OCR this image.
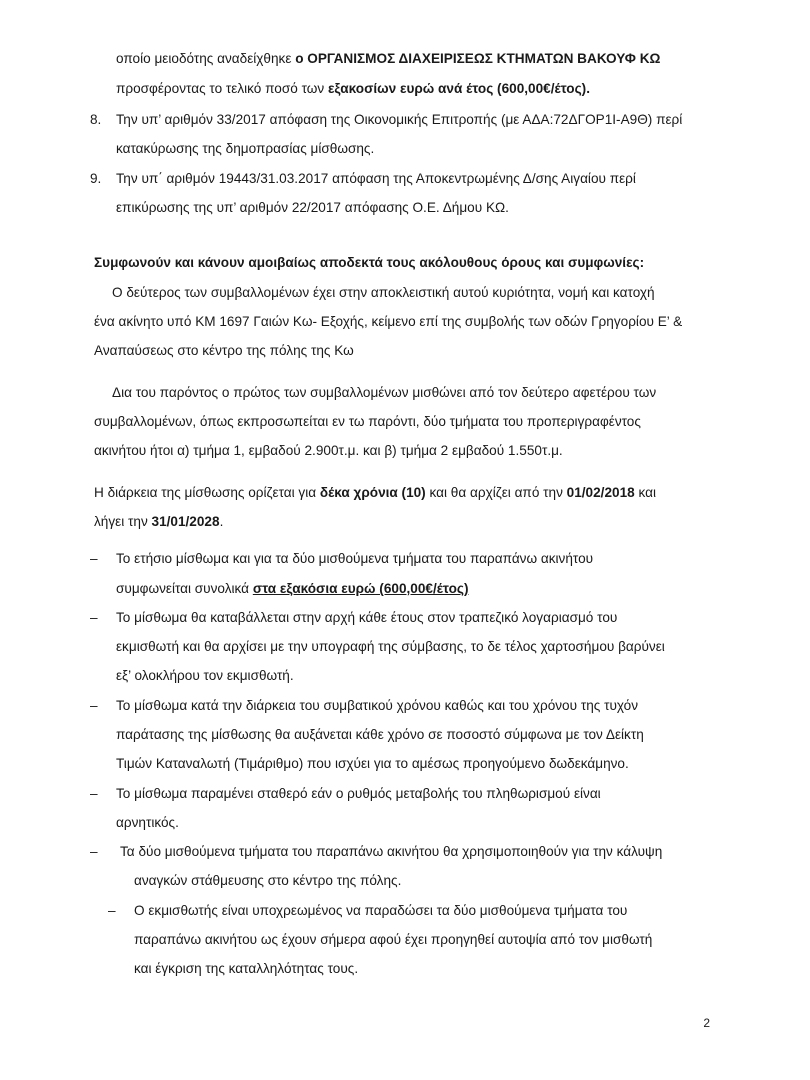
οποίο μειοδότης αναδείχθηκε ο ΟΡΓΑΝΙΣΜΟΣ ΔΙΑΧΕΙΡΙΣΕΩΣ ΚΤΗΜΑΤΩΝ ΒΑΚΟΥΦ ΚΩ
προσφέροντας το τελικό ποσό των εξακοσίων ευρώ ανά έτος (600,00€/έτος).
8. Την υπ’ αριθμόν 33/2017 απόφαση της Οικονομικής Επιτροπής (με ΑΔΑ:72ΔΓΟΡ1Ι-Α9Θ) περί
κατακύρωσης της δημοπρασίας μίσθωσης.
9. Την υπ΄ αριθμόν 19443/31.03.2017 απόφαση της Αποκεντρωμένης Δ/σης Αιγαίου περί
επικύρωσης της υπ’ αριθμόν 22/2017 απόφασης Ο.Ε. Δήμου ΚΩ.
Συμφωνούν και κάνουν αμοιβαίως αποδεκτά τους ακόλουθους όρους και συμφωνίες:
Ο δεύτερος των συμβαλλομένων έχει στην αποκλειστική αυτού κυριότητα, νομή και κατοχή
ένα ακίνητο υπό ΚΜ 1697 Γαιών Κω- Εξοχής, κείμενο επί της συμβολής των οδών Γρηγορίου Ε’ &
Αναπαύσεως στο κέντρο της πόλης της Κω
Δια του παρόντος ο πρώτος των συμβαλλομένων μισθώνει από τον δεύτερο αφετέρου των
συμβαλλομένων, όπως εκπροσωπείται εν τω παρόντι, δύο τμήματα του προπεριγραφέντος
ακινήτου ήτοι α) τμήμα 1, εμβαδού 2.900τ.μ. και β) τμήμα 2 εμβαδού 1.550τ.μ.
Η διάρκεια της μίσθωσης ορίζεται για δέκα χρόνια (10) και θα αρχίζει από την 01/02/2018 και
λήγει την 31/01/2028.
– Το ετήσιο μίσθωμα και για τα δύο μισθούμενα τμήματα του παραπάνω ακινήτου
συμφωνείται συνολικά στα εξακόσια ευρώ (600,00€/έτος)
– Το μίσθωμα θα καταβάλλεται στην αρχή κάθε έτους στον τραπεζικό λογαριασμό του
εκμισθωτή και θα αρχίσει με την υπογραφή της σύμβασης, το δε τέλος χαρτοσήμου βαρύνει
εξ’ ολοκλήρου τον εκμισθωτή.
– Το μίσθωμα κατά την διάρκεια του συμβατικού χρόνου καθώς και του χρόνου της τυχόν
παράτασης της μίσθωσης θα αυξάνεται κάθε χρόνο σε ποσοστό σύμφωνα με τον Δείκτη
Τιμών Καταναλωτή (Τιμάριθμο) που ισχύει για το αμέσως προηγούμενο δωδεκάμηνο.
– Το μίσθωμα παραμένει σταθερό εάν ο ρυθμός μεταβολής του πληθωρισμού είναι
αρνητικός.
– Τα δύο μισθούμενα τμήματα του παραπάνω ακινήτου θα χρησιμοποιηθούν για την κάλυψη
αναγκών στάθμευσης στο κέντρο της πόλης.
– Ο εκμισθωτής είναι υποχρεωμένος να παραδώσει τα δύο μισθούμενα τμήματα του
παραπάνω ακινήτου ως έχουν σήμερα αφού έχει προηγηθεί αυτοψία από τον μισθωτή
και έγκριση της καταλληλότητας τους.
2
